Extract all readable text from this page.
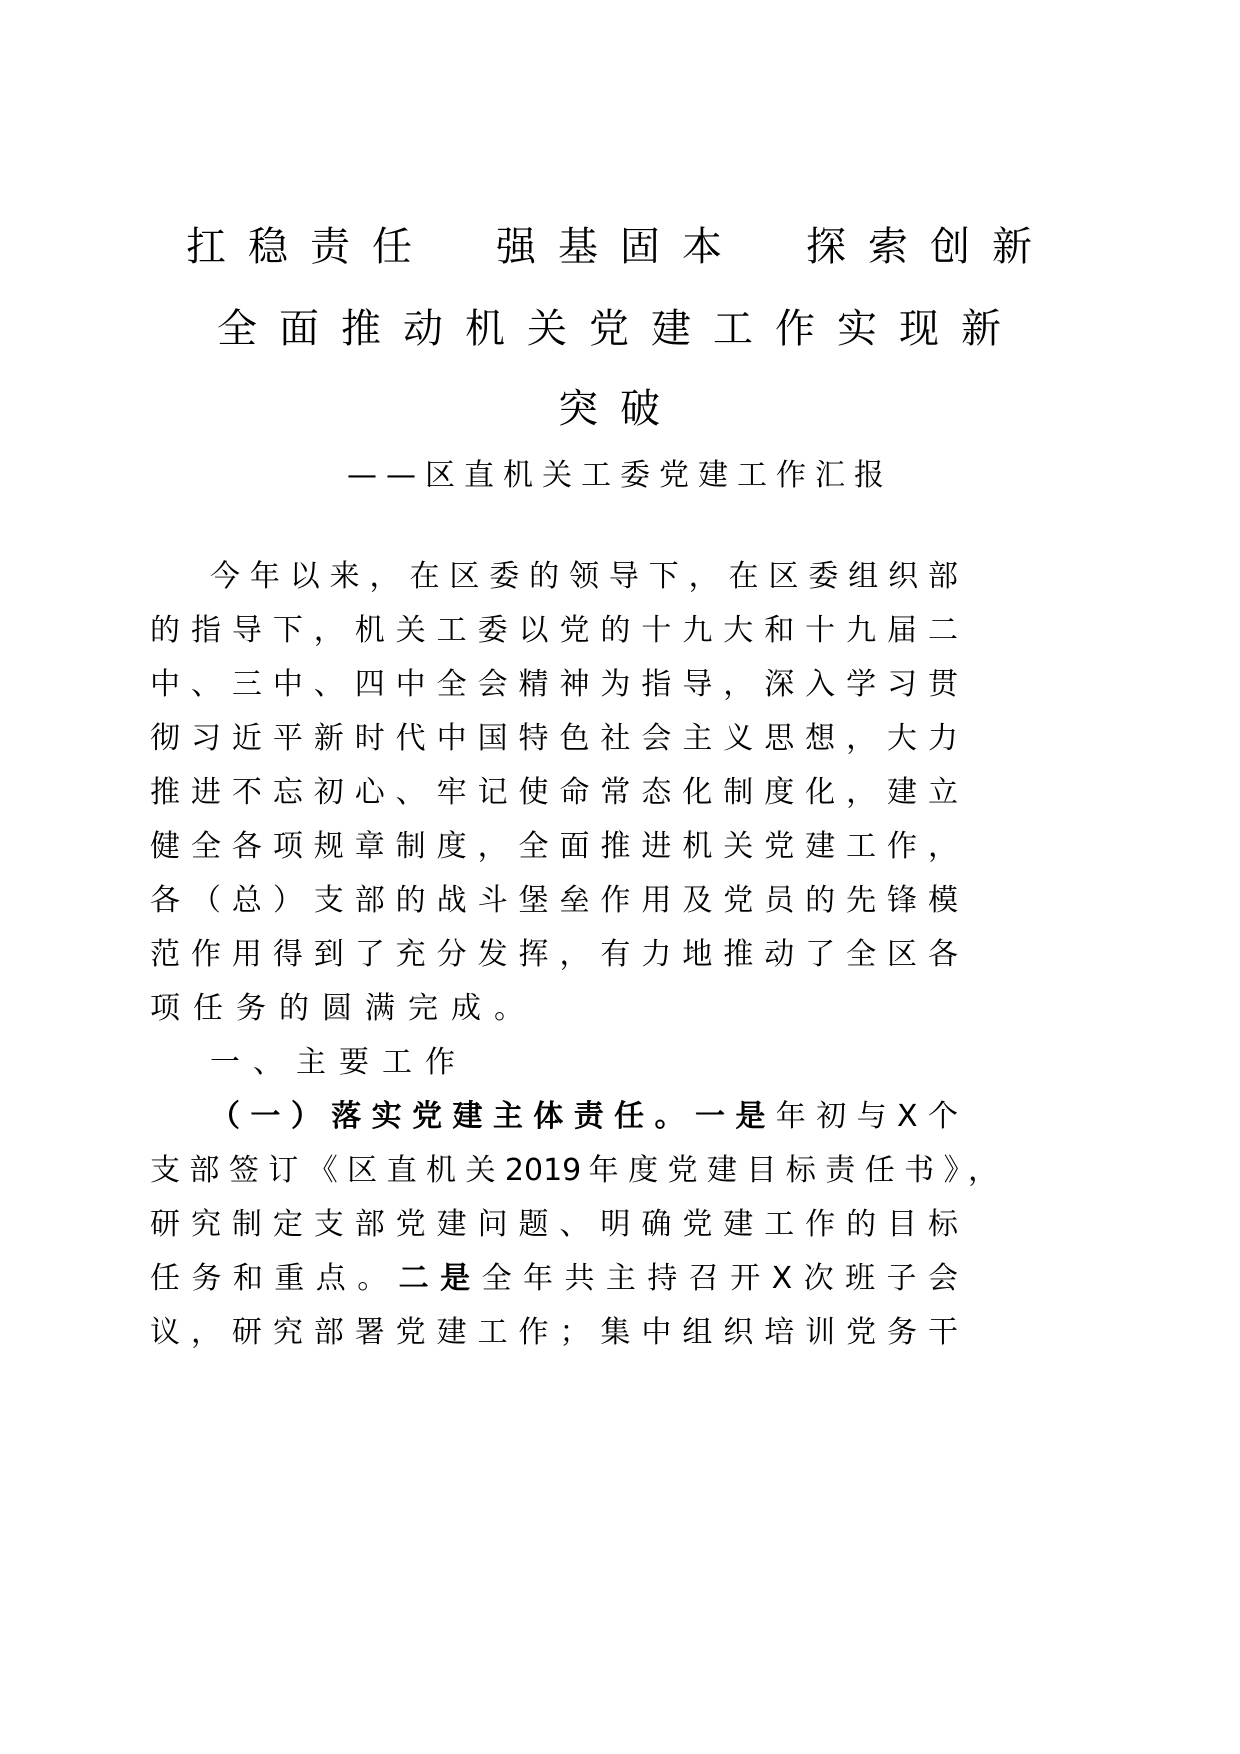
扛稳责任　强基固本　探索创新
全面推动机关党建工作实现新
突破
——区直机关工委党建工作汇报
今年以来，在区委的领导下，在区委组织部
的指导下，机关工委以党的十九大和十九届二
中、三中、四中全会精神为指导，深入学习贯
彻习近平新时代中国特色社会主义思想，大力
推进不忘初心、牢记使命常态化制度化，建立
健全各项规章制度，全面推进机关党建工作，
各（总）支部的战斗堡垒作用及党员的先锋模
范作用得到了充分发挥，有力地推动了全区各
项任务的圆满完成。
一、主要工作
（一）落实党建主体责任。一是年初与X个
支部签订《区直机关2019年度党建目标责任书》，
研究制定支部党建问题、明确党建工作的目标
任务和重点。二是全年共主持召开X次班子会
议，研究部署党建工作；集中组织培训党务干
